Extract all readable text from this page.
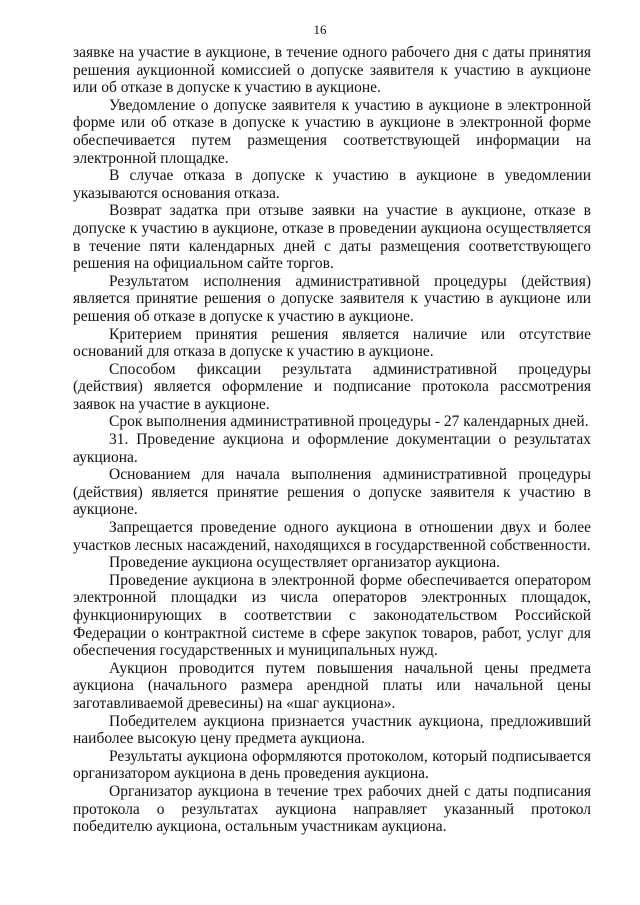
16

заявке на участие в аукционе, в течение одного рабочего дня с даты принятия решения аукционной комиссией о допуске заявителя к участию в аукционе или об отказе в допуске к участию в аукционе.

Уведомление о допуске заявителя к участию в аукционе в электронной форме или об отказе в допуске к участию в аукционе в электронной форме обеспечивается путем размещения соответствующей информации на электронной площадке.

В случае отказа в допуске к участию в аукционе в уведомлении указываются основания отказа.

Возврат задатка при отзыве заявки на участие в аукционе, отказе в допуске к участию в аукционе, отказе в проведении аукциона осуществляется в течение пяти календарных дней с даты размещения соответствующего решения на официальном сайте торгов.

Результатом исполнения административной процедуры (действия) является принятие решения о допуске заявителя к участию в аукционе или решения об отказе в допуске к участию в аукционе.

Критерием принятия решения является наличие или отсутствие оснований для отказа в допуске к участию в аукционе.

Способом фиксации результата административной процедуры (действия) является оформление и подписание протокола рассмотрения заявок на участие в аукционе.

Срок выполнения административной процедуры - 27 календарных дней.

31. Проведение аукциона и оформление документации о результатах аукциона.

Основанием для начала выполнения административной процедуры (действия) является принятие решения о допуске заявителя к участию в аукционе.

Запрещается проведение одного аукциона в отношении двух и более участков лесных насаждений, находящихся в государственной собственности.

Проведение аукциона осуществляет организатор аукциона.

Проведение аукциона в электронной форме обеспечивается оператором электронной площадки из числа операторов электронных площадок, функционирующих в соответствии с законодательством Российской Федерации о контрактной системе в сфере закупок товаров, работ, услуг для обеспечения государственных и муниципальных нужд.

Аукцион проводится путем повышения начальной цены предмета аукциона (начального размера арендной платы или начальной цены заготавливаемой древесины) на «шаг аукциона».

Победителем аукциона признается участник аукциона, предложивший наиболее высокую цену предмета аукциона.

Результаты аукциона оформляются протоколом, который подписывается организатором аукциона в день проведения аукциона.

Организатор аукциона в течение трех рабочих дней с даты подписания протокола о результатах аукциона направляет указанный протокол победителю аукциона, остальным участникам аукциона.
